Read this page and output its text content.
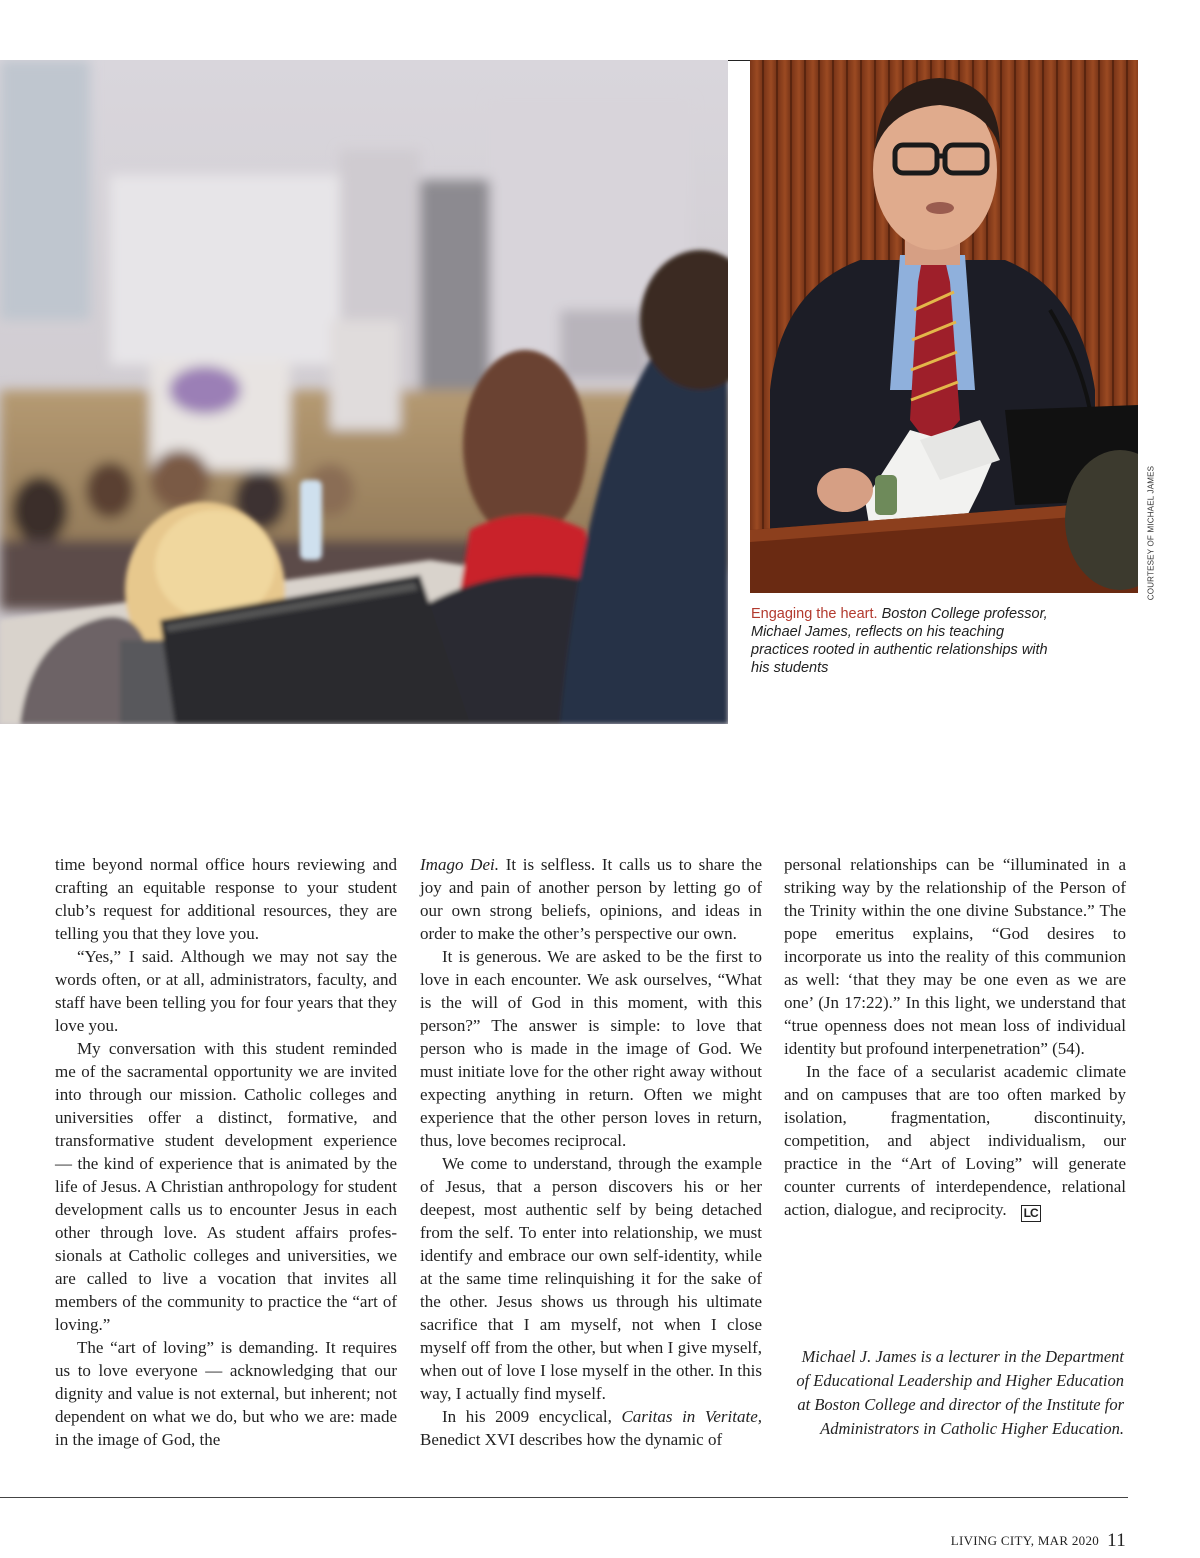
COURTESEY OF MICHAEL JAMES
Engaging the heart. Boston College professor, Michael James, reflects on his teaching practices rooted in authentic relationships with his students

time beyond normal office hours reviewing and crafting an equitable response to your student club’s request for additional resources, they are telling you that they love you.

“Yes,” I said. Although we may not say the words often, or at all, administrators, faculty, and staff have been telling you for four years that they love you.

My conversation with this student reminded me of the sacramental opportunity we are invited into through our mission. Catholic colleges and universities offer a distinct, formative, and transformative student development experience — the kind of experience that is animated by the life of Jesus. A Christian anthropology for student development calls us to encounter Jesus in each other through love. As student affairs professionals at Catholic colleges and universities, we are called to live a vocation that invites all members of the community to practice the “art of loving.”

The “art of loving” is demanding. It requires us to love everyone — acknowledging that our dignity and value is not external, but inherent; not dependent on what we do, but who we are: made in the image of God, the

Imago Dei. It is selfless. It calls us to share the joy and pain of another person by letting go of our own strong beliefs, opinions, and ideas in order to make the other’s perspective our own.

It is generous. We are asked to be the first to love in each encounter. We ask ourselves, “What is the will of God in this moment, with this person?” The answer is simple: to love that person who is made in the image of God. We must initiate love for the other right away without expecting anything in return. Often we might experience that the other person loves in return, thus, love becomes reciprocal.

We come to understand, through the example of Jesus, that a person discovers his or her deepest, most authentic self by being detached from the self. To enter into relationship, we must identify and embrace our own self-identity, while at the same time relinquishing it for the sake of the other. Jesus shows us through his ultimate sacrifice that I am myself, not when I close myself off from the other, but when I give myself, when out of love I lose myself in the other. In this way, I actually find myself.

In his 2009 encyclical, Caritas in Veritate, Benedict XVI describes how the dynamic of

personal relationships can be “illuminated in a striking way by the relationship of the Person of the Trinity within the one divine Substance.” The pope emeritus explains, “God desires to incorporate us into the reality of this communion as well: ‘that they may be one even as we are one’ (Jn 17:22).” In this light, we understand that “true openness does not mean loss of individual identity but profound interpenetration” (54).

In the face of a secularist academic climate and on campuses that are too often marked by isolation, fragmentation, discontinuity, competition, and abject individualism, our practice in the “Art of Loving” will generate counter currents of interdependence, relational action, dialogue, and reciprocity. LC

Michael J. James is a lecturer in the Department of Educational Leadership and Higher Education at Boston College and director of the Institute for Administrators in Catholic Higher Education.
LIVING CITY, MAR 2020 11
